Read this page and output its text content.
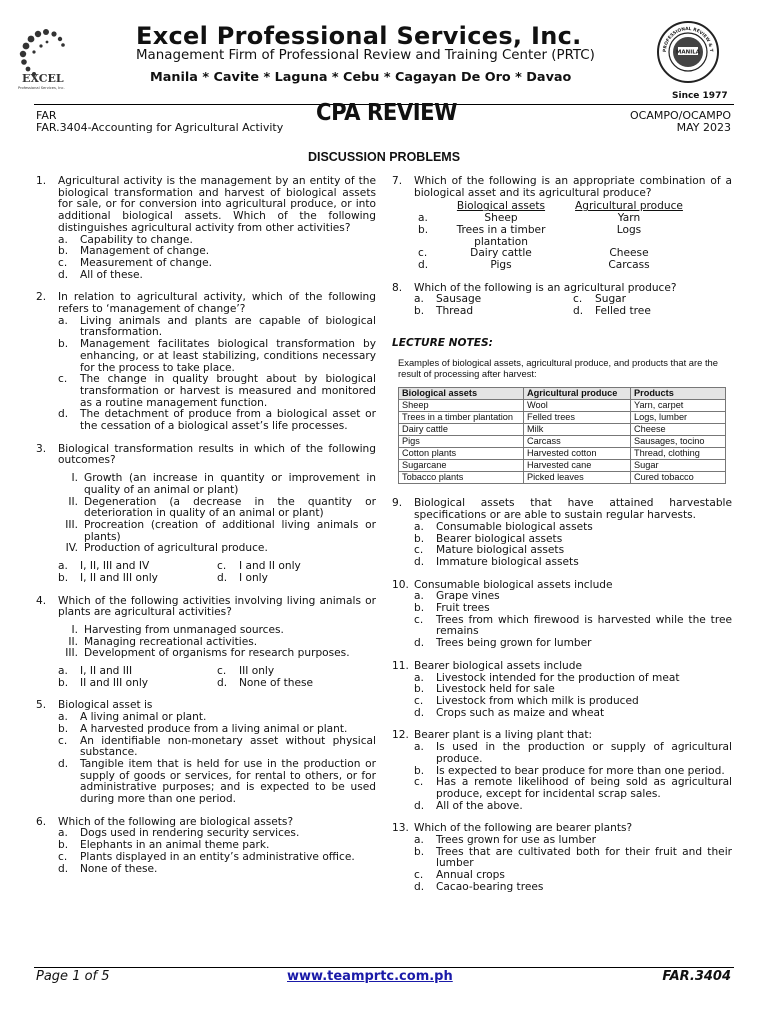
EXCEL
Professional Services, Inc.
Excel Professional Services, Inc.
Management Firm of Professional Review and Training Center (PRTC)
Manila * Cavite * Laguna * Cebu * Cagayan De Oro * Davao
PROFESSIONAL REVIEW & T
MANILA
Since 1977
FAR
FAR.3404-Accounting for Agricultural Activity
CPA REVIEW	OCAMPO/OCAMPO
MAY 2023
DISCUSSION PROBLEMS
1.	Agricultural activity is the management by an entity of the biological transformation and harvest of biological assets for sale, or for conversion into agricultural produce, or into additional biological assets. Which of the following distinguishes agricultural activity from other activities?
a.	Capability to change.
b.	Management of change.
c.	Measurement of change.
d.	All of these.
2.	In relation to agricultural activity, which of the following refers to ‘management of change’?
a.	Living animals and plants are capable of biological transformation.
b.	Management facilitates biological transformation by enhancing, or at least stabilizing, conditions necessary for the process to take place.
c.	The change in quality brought about by biological transformation or harvest is measured and monitored as a routine management function.
d.	The detachment of produce from a biological asset or the cessation of a biological asset’s life processes.
3.	Biological transformation results in which of the following outcomes?
I. Growth (an increase in quantity or improvement in quality of an animal or plant)
II. Degeneration (a decrease in the quantity or deterioration in quality of an animal or plant)
III. Procreation (creation of additional living animals or plants)
IV. Production of agricultural produce.
a.	I, II, III and IV	c.	I and II only
b.	I, II and III only	d.	I only
4.	Which of the following activities involving living animals or plants are agricultural activities?
I. Harvesting from unmanaged sources.
II. Managing recreational activities.
III. Development of organisms for research purposes.
a.	I, II and III	c.	III only
b.	II and III only	d.	None of these
5.	Biological asset is
a.	A living animal or plant.
b.	A harvested produce from a living animal or plant.
c.	An identifiable non-monetary asset without physical substance.
d.	Tangible item that is held for use in the production or supply of goods or services, for rental to others, or for administrative purposes; and is expected to be used during more than one period.
6.	Which of the following are biological assets?
a.	Dogs used in rendering security services.
b.	Elephants in an animal theme park.
c.	Plants displayed in an entity’s administrative office.
d.	None of these.
7.	Which of the following is an appropriate combination of a biological asset and its agricultural produce?
	Biological assets	Agricultural produce
a.	Sheep	Yarn
b.	Trees in a timber plantation	Logs
c.	Dairy cattle	Cheese
d.	Pigs	Carcass
8.	Which of the following is an agricultural produce?
a.	Sausage	c.	Sugar
b.	Thread	d.	Felled tree
LECTURE NOTES:
Examples of biological assets, agricultural produce, and products that are the result of processing after harvest:
Biological assets	Agricultural produce	Products
Sheep	Wool	Yarn, carpet
Trees in a timber plantation	Felled trees	Logs, lumber
Dairy cattle	Milk	Cheese
Pigs	Carcass	Sausages, tocino
Cotton plants	Harvested cotton	Thread, clothing
Sugarcane	Harvested cane	Sugar
Tobacco plants	Picked leaves	Cured tobacco
9.	Biological assets that have attained harvestable specifications or are able to sustain regular harvests.
a.	Consumable biological assets
b.	Bearer biological assets
c.	Mature biological assets
d.	Immature biological assets
10. Consumable biological assets include
a.	Grape vines
b.	Fruit trees
c.	Trees from which firewood is harvested while the tree remains
d.	Trees being grown for lumber
11. Bearer biological assets include
a.	Livestock intended for the production of meat
b.	Livestock held for sale
c.	Livestock from which milk is produced
d.	Crops such as maize and wheat
12. Bearer plant is a living plant that:
a.	Is used in the production or supply of agricultural produce.
b.	Is expected to bear produce for more than one period.
c.	Has a remote likelihood of being sold as agricultural produce, except for incidental scrap sales.
d.	All of the above.
13. Which of the following are bearer plants?
a.	Trees grown for use as lumber
b.	Trees that are cultivated both for their fruit and their lumber
c.	Annual crops
d.	Cacao-bearing trees
Page 1 of 5	www.teamprtc.com.ph	FAR.3404
